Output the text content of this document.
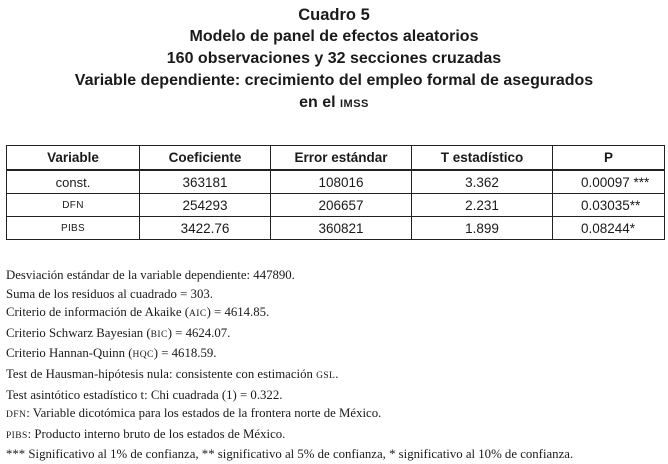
Cuadro 5
Modelo de panel de efectos aleatorios
160 observaciones y 32 secciones cruzadas
Variable dependiente: crecimiento del empleo formal de asegurados
en el IMSS
Variable	Coeficiente	Error estándar	T estadístico	P
const.	363181	108016	3.362	0.00097 ***
DFN	254293	206657	2.231	0.03035**
PIBS	3422.76	360821	1.899	0.08244*
Desviación estándar de la variable dependiente: 447890.
Suma de los residuos al cuadrado = 303.
Criterio de información de Akaike (AIC) = 4614.85.
Criterio Schwarz Bayesian (BIC) = 4624.07.
Criterio Hannan-Quinn (HQC) = 4618.59.
Test de Hausman-hipótesis nula: consistente con estimación GSL.
Test asintótico estadístico t: Chi cuadrada (1) = 0.322.
DFN: Variable dicotómica para los estados de la frontera norte de México.
PIBS: Producto interno bruto de los estados de México.
*** Significativo al 1% de confianza, ** significativo al 5% de confianza, * significativo al 10% de confianza.
